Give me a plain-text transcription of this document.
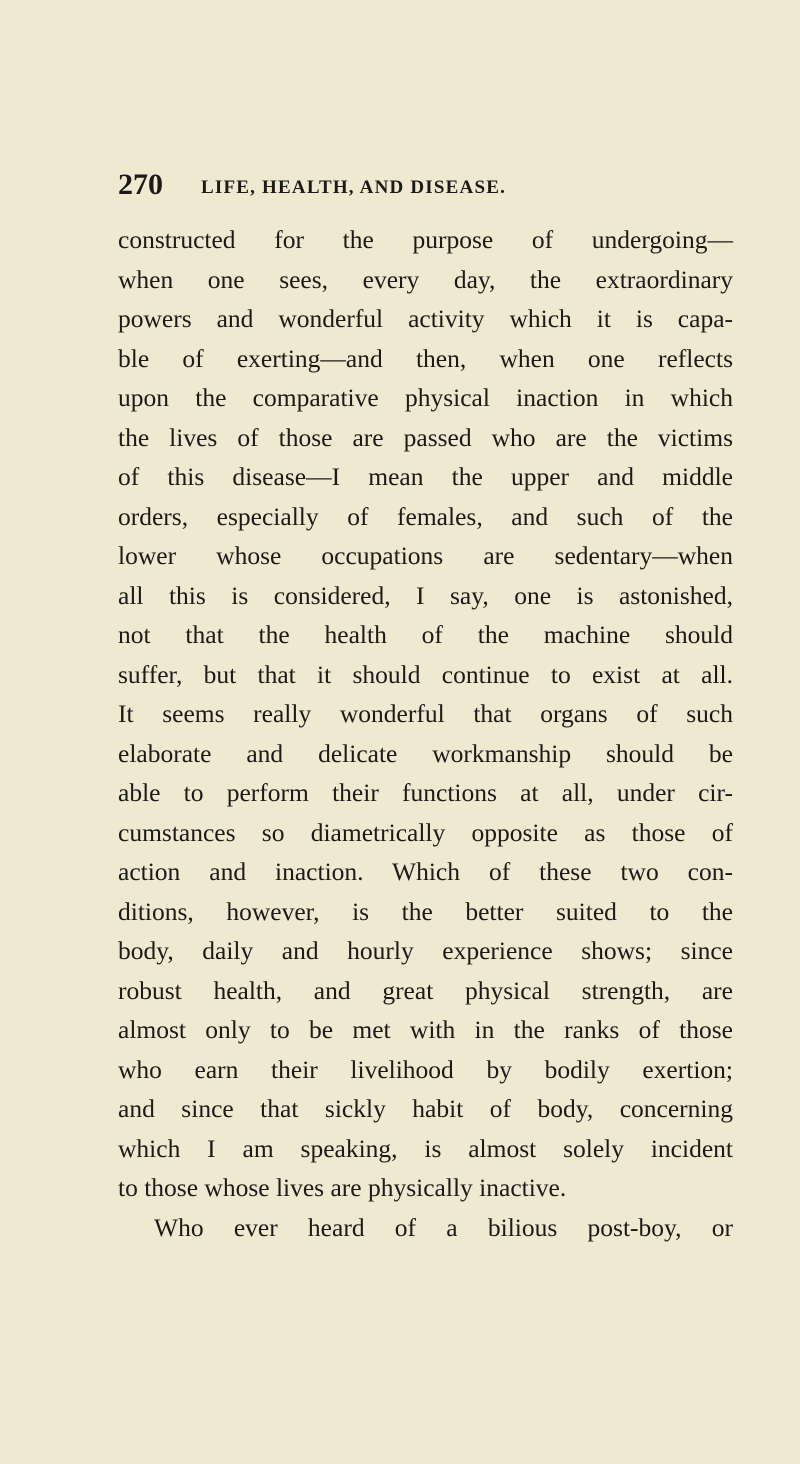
270 LIFE, HEALTH, AND DISEASE.
constructed for the purpose of undergoing—
when one sees, every day, the extraordinary
powers and wonderful activity which it is capa-
ble of exerting—and then, when one reflects
upon the comparative physical inaction in which
the lives of those are passed who are the victims
of this disease—I mean the upper and middle
orders, especially of females, and such of the
lower whose occupations are sedentary—when
all this is considered, I say, one is astonished,
not that the health of the machine should
suffer, but that it should continue to exist at all.
It seems really wonderful that organs of such
elaborate and delicate workmanship should be
able to perform their functions at all, under cir-
cumstances so diametrically opposite as those of
action and inaction. Which of these two con-
ditions, however, is the better suited to the
body, daily and hourly experience shows; since
robust health, and great physical strength, are
almost only to be met with in the ranks of those
who earn their livelihood by bodily exertion;
and since that sickly habit of body, concerning
which I am speaking, is almost solely incident
to those whose lives are physically inactive.
Who ever heard of a bilious post-boy, or
